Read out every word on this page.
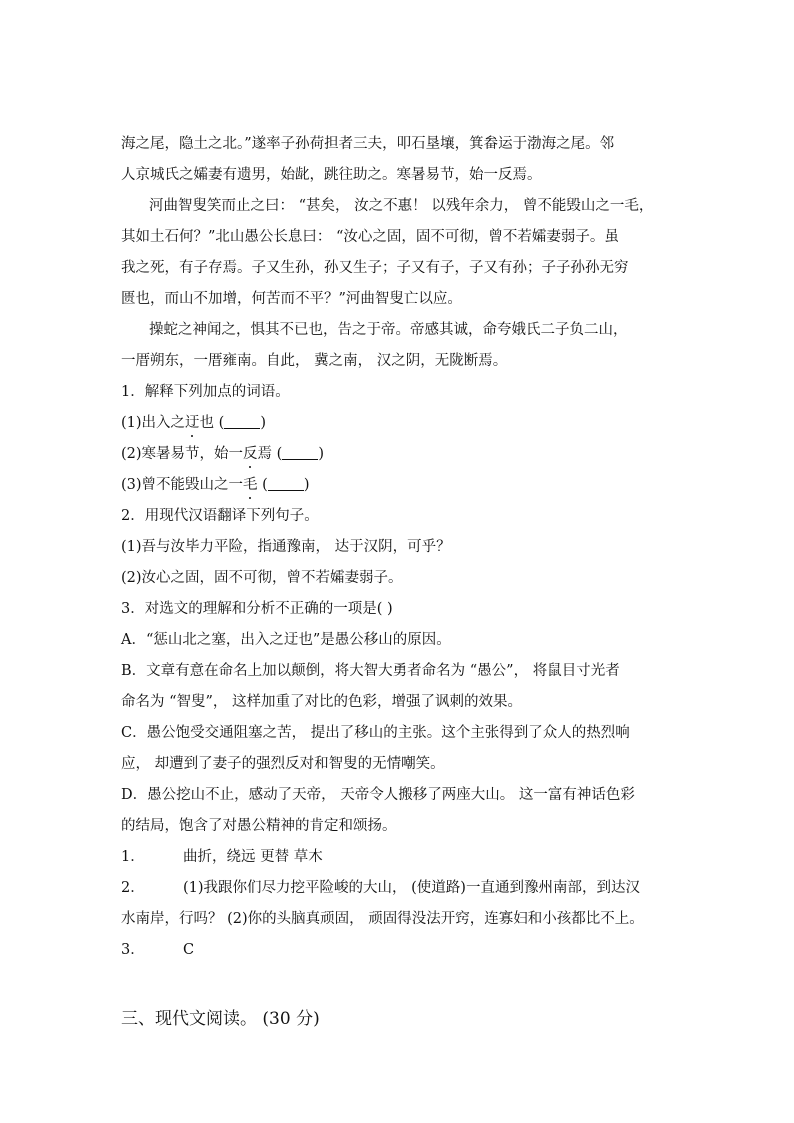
海之尾，隐土之北。”遂率子孙荷担者三夫，叩石垦壤，箕畚运于渤海之尾。邻
人京城氏之孀妻有遗男，始龀，跳往助之。寒暑易节，始一反焉。
河曲智叟笑而止之曰： “甚矣， 汝之不惠！ 以残年余力， 曾不能毁山之一毛，
其如土石何？”北山愚公长息曰： “汝心之固，固不可彻，曾不若孀妻弱子。虽
我之死，有子存焉。子又生孙，孙又生子；子又有子，子又有孙；子子孙孙无穷
匮也，而山不加增，何苦而不平？”河曲智叟亡以应。
操蛇之神闻之，惧其不已也，告之于帝。帝感其诚，命夸娥氏二子负二山，
一厝朔东，一厝雍南。自此， 冀之南， 汉之阴，无陇断焉。
1．解释下列加点的词语。
(1)出入之迂也 ( )
(2)寒暑易节，始一反焉 ( )
(3)曾不能毁山之一毛 ( )
2．用现代汉语翻译下列句子。
(1)吾与汝毕力平险，指通豫南， 达于汉阴，可乎？
(2)汝心之固，固不可彻，曾不若孀妻弱子。
3．对选文的理解和分析不正确的一项是( )
A．“惩山北之塞，出入之迂也”是愚公移山的原因。
B．文章有意在命名上加以颠倒，将大智大勇者命名为 “愚公”， 将鼠目寸光者
命名为 “智叟”， 这样加重了对比的色彩，增强了讽刺的效果。
C．愚公饱受交通阻塞之苦， 提出了移山的主张。这个主张得到了众人的热烈响
应， 却遭到了妻子的强烈反对和智叟的无情嘲笑。
D．愚公挖山不止，感动了天帝， 天帝令人搬移了两座大山。 这一富有神话色彩
的结局，饱含了对愚公精神的肯定和颂扬。
1．	曲折，绕远 更替 草木
2．	(1)我跟你们尽力挖平险峻的大山， (使道路)一直通到豫州南部，到达汉
水南岸，行吗？ (2)你的头脑真顽固， 顽固得没法开窍，连寡妇和小孩都比不上。
3．	C
三、现代文阅读。 (30 分)
